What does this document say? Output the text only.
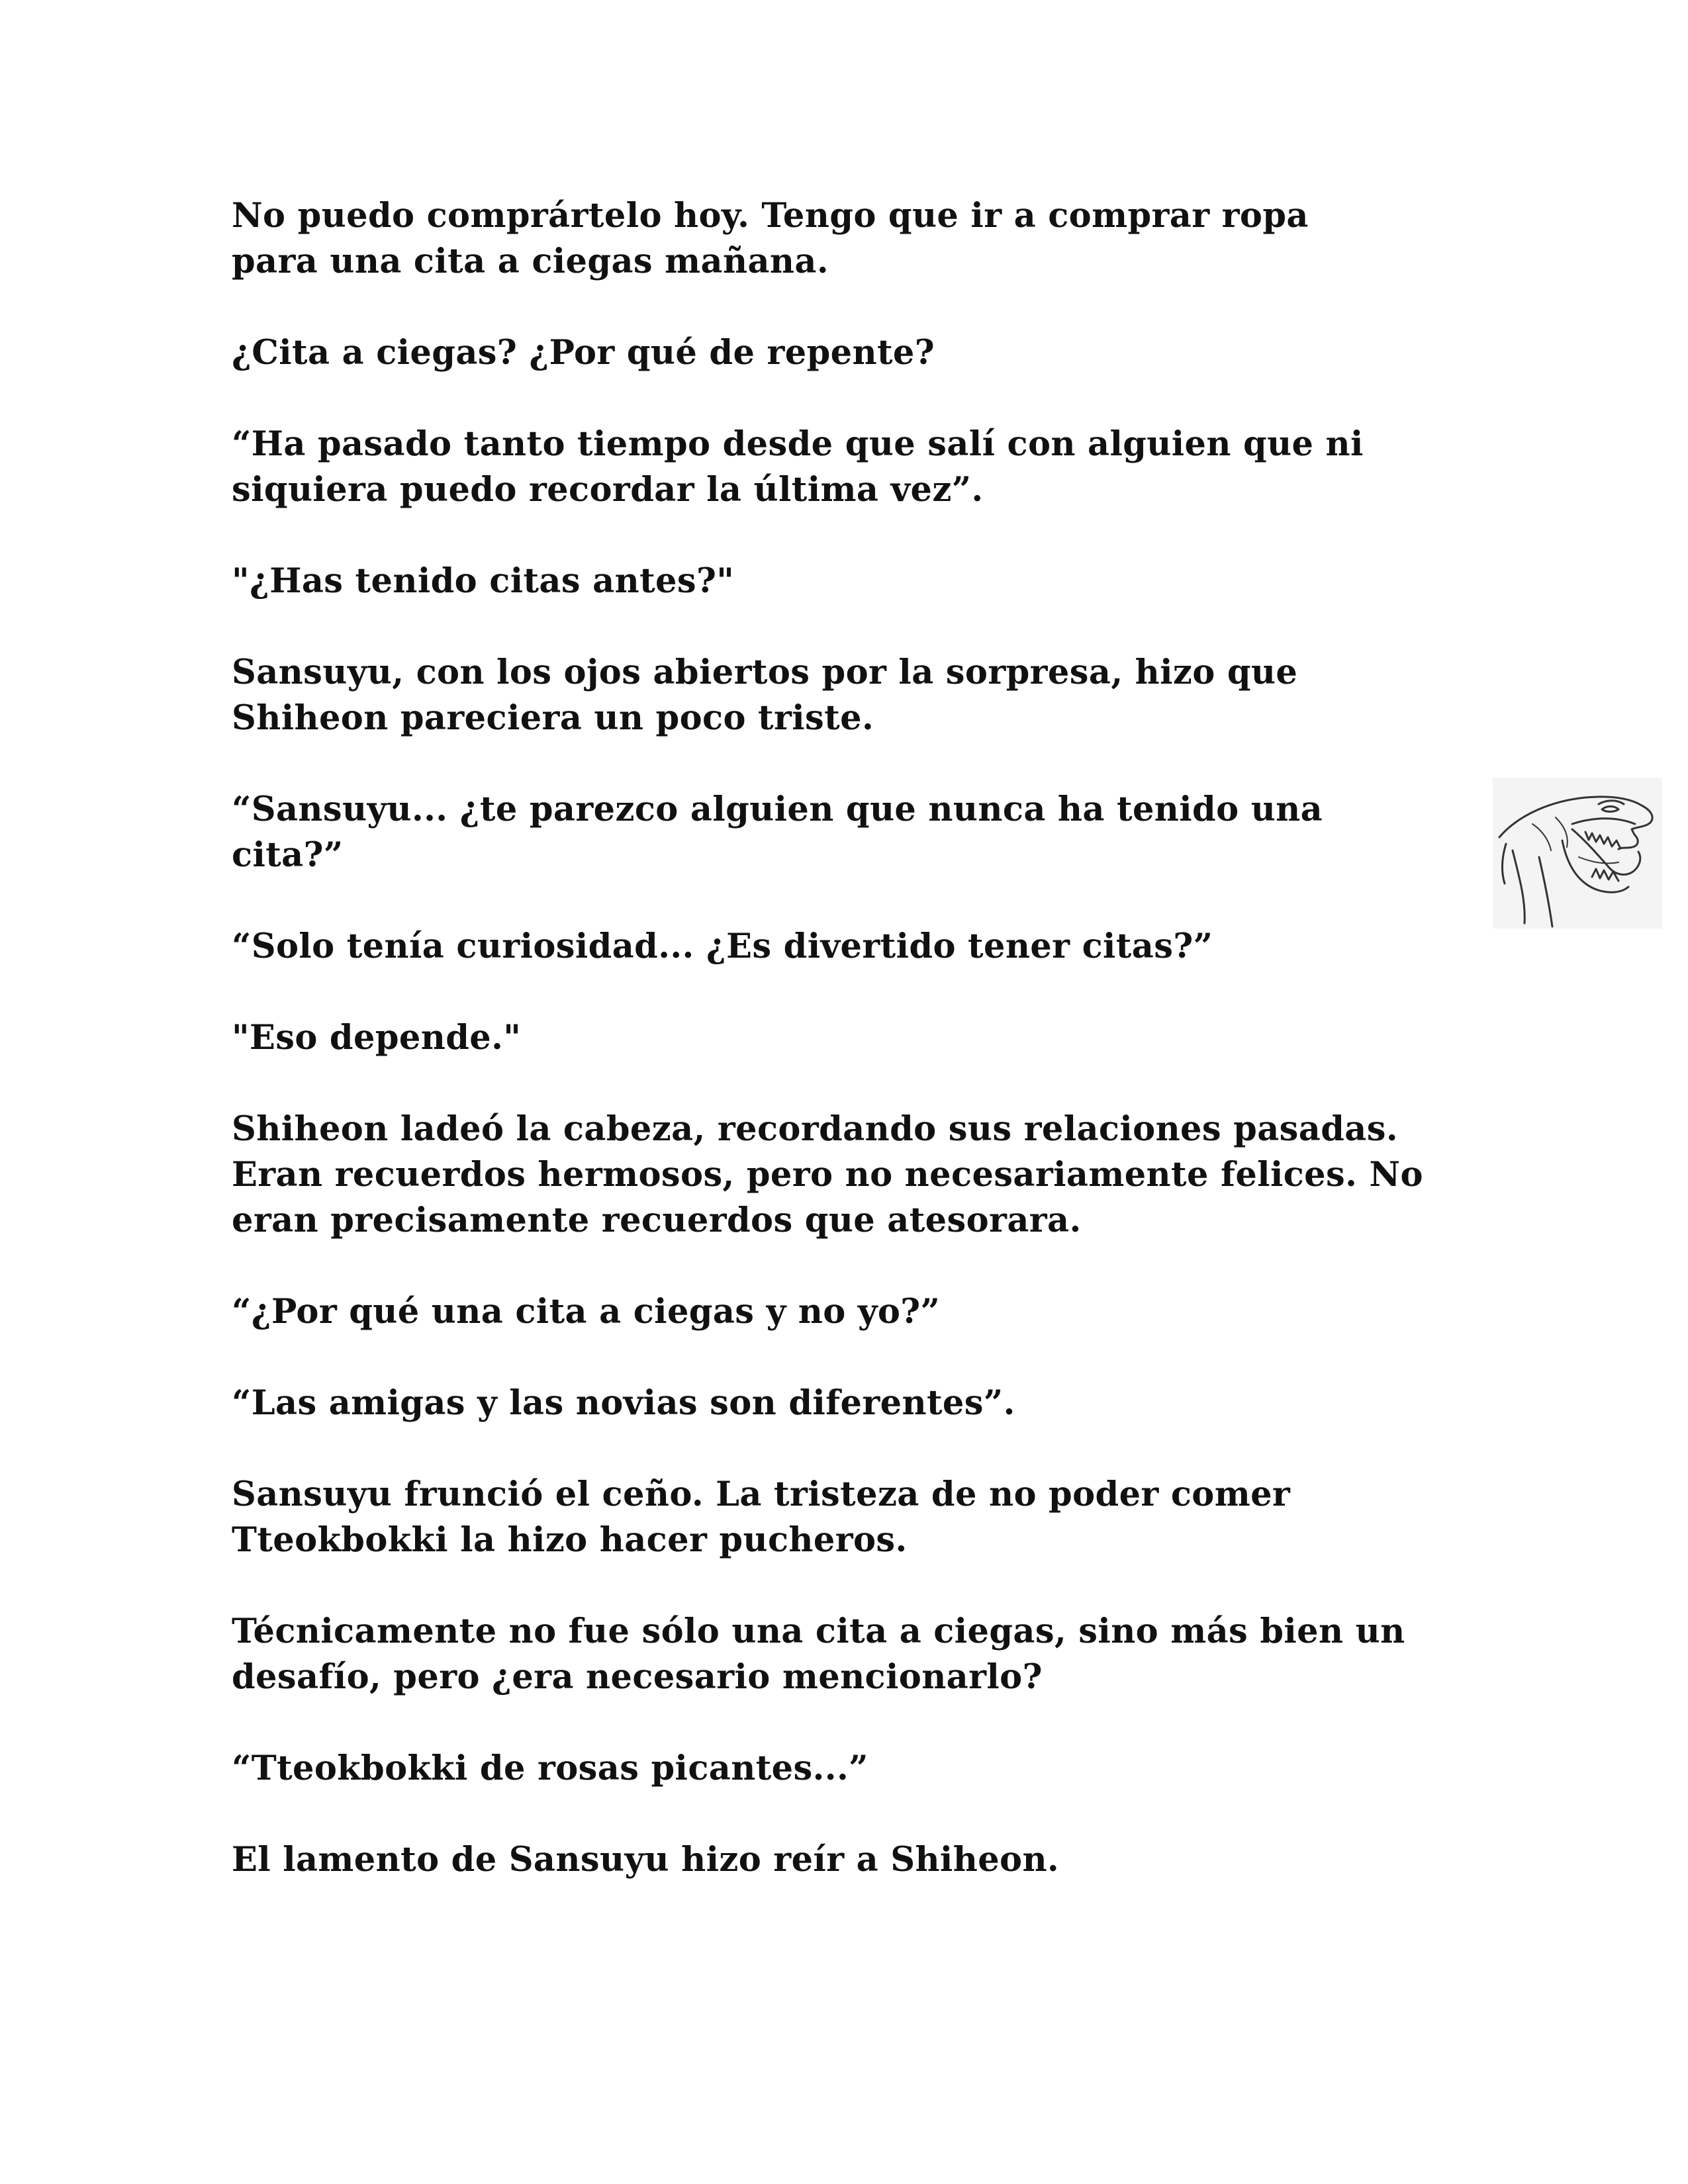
No puedo comprártelo hoy. Tengo que ir a comprar ropa
para una cita a ciegas mañana.

¿Cita a ciegas? ¿Por qué de repente?

“Ha pasado tanto tiempo desde que salí con alguien que ni
siquiera puedo recordar la última vez”.

"¿Has tenido citas antes?"

Sansuyu, con los ojos abiertos por la sorpresa, hizo que
Shiheon pareciera un poco triste.

“Sansuyu... ¿te parezco alguien que nunca ha tenido una
cita?”

“Solo tenía curiosidad... ¿Es divertido tener citas?”

"Eso depende."

Shiheon ladeó la cabeza, recordando sus relaciones pasadas.
Eran recuerdos hermosos, pero no necesariamente felices. No
eran precisamente recuerdos que atesorara.

“¿Por qué una cita a ciegas y no yo?”

“Las amigas y las novias son diferentes”.

Sansuyu frunció el ceño. La tristeza de no poder comer
Tteokbokki la hizo hacer pucheros.

Técnicamente no fue sólo una cita a ciegas, sino más bien un
desafío, pero ¿era necesario mencionarlo?

“Tteokbokki de rosas picantes...”

El lamento de Sansuyu hizo reír a Shiheon.
